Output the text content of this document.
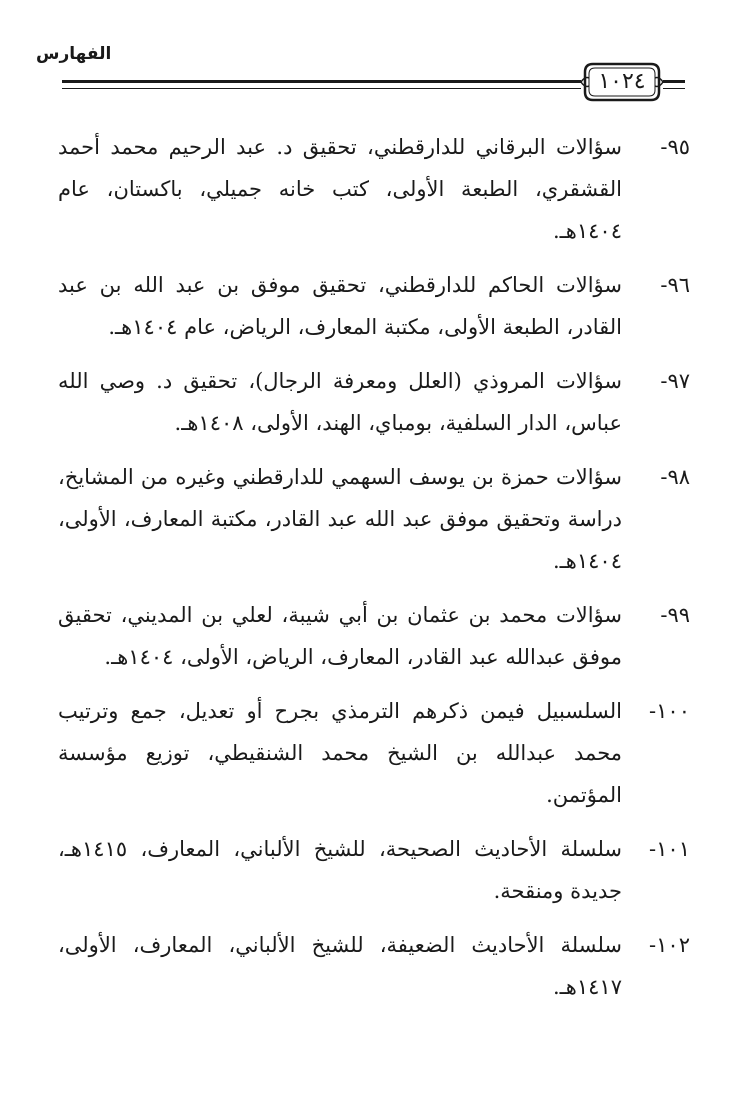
الفهارس
١٠٢٤
٩٥-
سؤالات البرقاني للدارقطني، تحقيق د. عبد الرحيم محمد أحمد القشقري، الطبعة الأولى، كتب خانه جميلي، باكستان، عام ١٤٠٤هـ.
٩٦-
سؤالات الحاكم للدارقطني، تحقيق موفق بن عبد الله بن عبد القادر، الطبعة الأولى، مكتبة المعارف، الرياض، عام ١٤٠٤هـ.
٩٧-
سؤالات المروذي (العلل ومعرفة الرجال)، تحقيق د. وصي الله عباس، الدار السلفية، بومباي، الهند، الأولى، ١٤٠٨هـ.
٩٨-
سؤالات حمزة بن يوسف السهمي للدارقطني وغيره من المشايخ، دراسة وتحقيق موفق عبد الله عبد القادر، مكتبة المعارف، الأولى، ١٤٠٤هـ.
٩٩-
سؤالات محمد بن عثمان بن أبي شيبة، لعلي بن المديني، تحقيق موفق عبدالله عبد القادر، المعارف، الرياض، الأولى، ١٤٠٤هـ.
١٠٠-
السلسبيل فيمن ذكرهم الترمذي بجرح أو تعديل، جمع وترتيب محمد عبدالله بن الشيخ محمد الشنقيطي، توزيع مؤسسة المؤتمن.
١٠١-
سلسلة الأحاديث الصحيحة، للشيخ الألباني، المعارف، ١٤١٥هـ، جديدة ومنقحة.
١٠٢-
سلسلة الأحاديث الضعيفة، للشيخ الألباني، المعارف، الأولى، ١٤١٧هـ.
